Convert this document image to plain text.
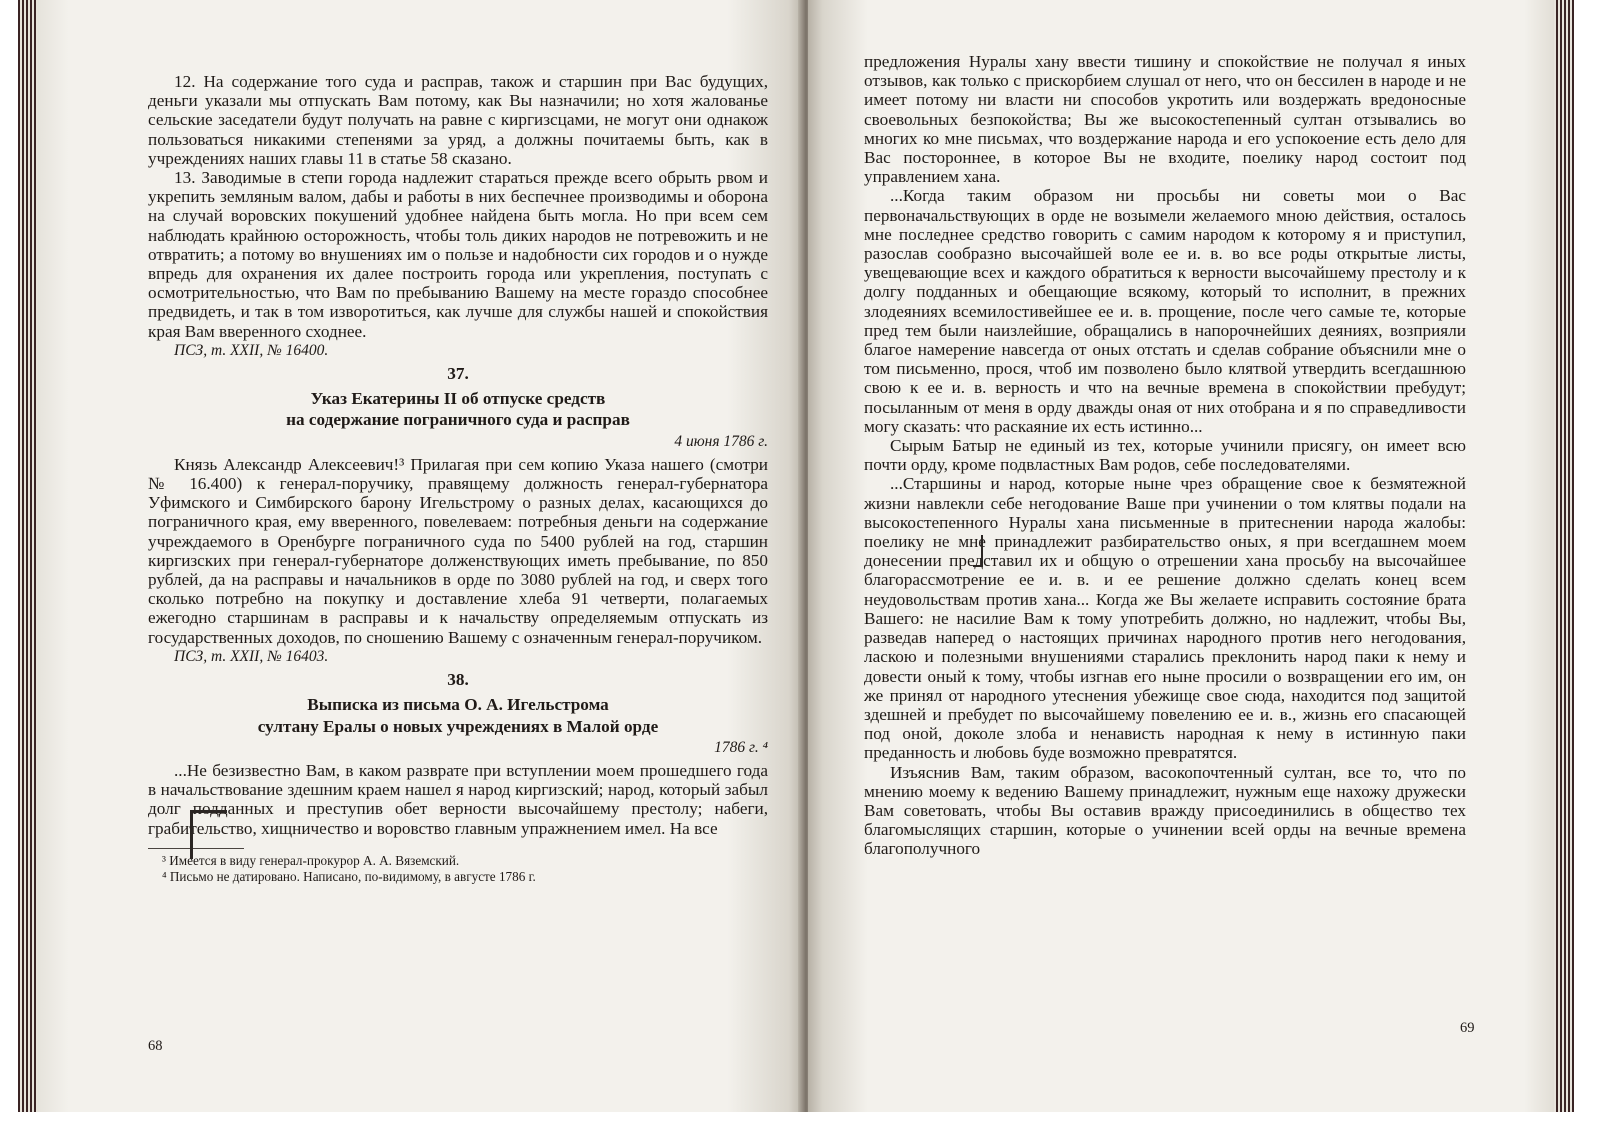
12. На содержание того суда и расправ, також и старшин при Вас будущих, деньги указали мы отпускать Вам потому, как Вы назначили; но хотя жалованье сельские заседатели будут получать на равне с киргизсцами, не могут они однакож пользоваться никакими степенями за уряд, а должны почитаемы быть, как в учреждениях наших главы 11 в статье 58 сказано.

13. Заводимые в степи города надлежит стараться прежде всего обрыть рвом и укрепить земляным валом, дабы и работы в них беспечнее производимы и оборона на случай воровских покушений удобнее найдена быть могла. Но при всем сем наблюдать крайнюю осторожность, чтобы толь диких народов не потревожить и не отвратить; а потому во внушениях им о пользе и надобности сих городов и о нужде впредь для охранения их далее построить города или укрепления, поступать с осмотрительностью, что Вам по пребыванию Вашему на месте гораздо способнее предвидеть, и так в том изворотиться, как лучше для службы нашей и спокойствия края Вам вверенного сходнее.

ПСЗ, т. XXII, № 16400.
37.
Указ Екатерины II об отпуске средств
на содержание пограничного суда и расправ
4 июня 1786 г.

Князь Александр Алексеевич!³ Прилагая при сем копию Указа нашего (смотри № 16.400) к генерал-поручику, правящему должность генерал-губернатора Уфимского и Симбирского барону Игельстрому о разных делах, касающихся до пограничного края, ему вверенного, повелеваем: потребныя деньги на содержание учреждаемого в Оренбурге пограничного суда по 5400 рублей на год, старшин киргизских при генерал-губернаторе долженствующих иметь пребывание, по 850 рублей, да на расправы и начальников в орде по 3080 рублей на год, и сверх того сколько потребно на покупку и доставление хлеба 91 четверти, полагаемых ежегодно старшинам в расправы и к начальству определяемым отпускать из государственных доходов, по сношению Вашему с означенным генерал-поручиком.

ПСЗ, т. XXII, № 16403.
38.
Выписка из письма О. А. Игельстрома
султану Ералы о новых учреждениях в Малой орде
1786 г. ⁴

...Не безизвестно Вам, в каком разврате при вступлении моем прошедшего года в начальствование здешним краем нашел я народ киргизский; народ, который забыл долг подданных и преступив обет верности высочайшему престолу; набеги, грабительство, хищничество и воровство главным упражнением имел. На все

³ Имеется в виду генерал-прокурор А. А. Вяземский.

⁴ Письмо не датировано. Написано, по-видимому, в августе 1786 г.

68

предложения Нуралы хану ввести тишину и спокойствие не получал я иных отзывов, как только с прискорбием слушал от него, что он бессилен в народе и не имеет потому ни власти ни способов укротить или воздержать вредоносные своевольных безпокойства; Вы же высокостепенный султан отзывались во многих ко мне письмах, что воздержание народа и его успокоение есть дело для Вас постороннее, в которое Вы не входите, поелику народ состоит под управлением хана.

...Когда таким образом ни просьбы ни советы мои о Вас первоначальствующих в орде не возымели желаемого мною действия, осталось мне последнее средство говорить с самим народом к которому я и приступил, разослав сообразно высочайшей воле ее и. в. во все роды открытые листы, увещевающие всех и каждого обратиться к верности высочайшему престолу и к долгу подданных и обещающие всякому, который то исполнит, в прежних злодеяниях всемилостивейшее ее и. в. прощение, после чего самые те, которые пред тем были наизлейшие, обращались в напорочнейших деяниях, возприяли благое намерение навсегда от оных отстать и сделав собрание объяснили мне о том письменно, прося, чтоб им позволено было клятвой утвердить всегдашнюю свою к ее и. в. верность и что на вечные времена в спокойствии пребудут; посыланным от меня в орду дважды оная от них отобрана и я по справедливости могу сказать: что раскаяние их есть истинно...

Сырым Батыр не единый из тех, которые учинили присягу, он имеет всю почти орду, кроме подвластных Вам родов, себе последователями.

...Старшины и народ, которые ныне чрез обращение свое к безмятежной жизни навлекли себе негодование Ваше при учинении о том клятвы подали на высокостепенного Нуралы хана письменные в притеснении народа жалобы: поелику не мне принадлежит разбирательство оных, я при всегдашнем моем донесении представил их и общую о отрешении хана просьбу на высочайшее благорассмотрение ее и. в. и ее решение должно сделать конец всем неудовольствам против хана... Когда же Вы желаете исправить состояние брата Вашего: не насилие Вам к тому употребить должно, но надлежит, чтобы Вы, разведав наперед о настоящих причинах народного против него негодования, ласкою и полезными внушениями старались преклонить народ паки к нему и довести оный к тому, чтобы изгнав его ныне просили о возвращении его им, он же принял от народного утеснения убежище свое сюда, находится под защитой здешней и пребудет по высочайшему повелению ее и. в., жизнь его спасающей под оной, доколе злоба и ненависть народная к нему в истинную паки преданность и любовь буде возможно превратятся.

Изъяснив Вам, таким образом, васокопочтенный султан, все то, что по мнению моему к ведению Вашему принадлежит, нужным еще нахожу дружески Вам советовать, чтобы Вы оставив вражду присоединились в общество тех благомыслящих старшин, которые о учинении всей орды на вечные времена благополучного

69
